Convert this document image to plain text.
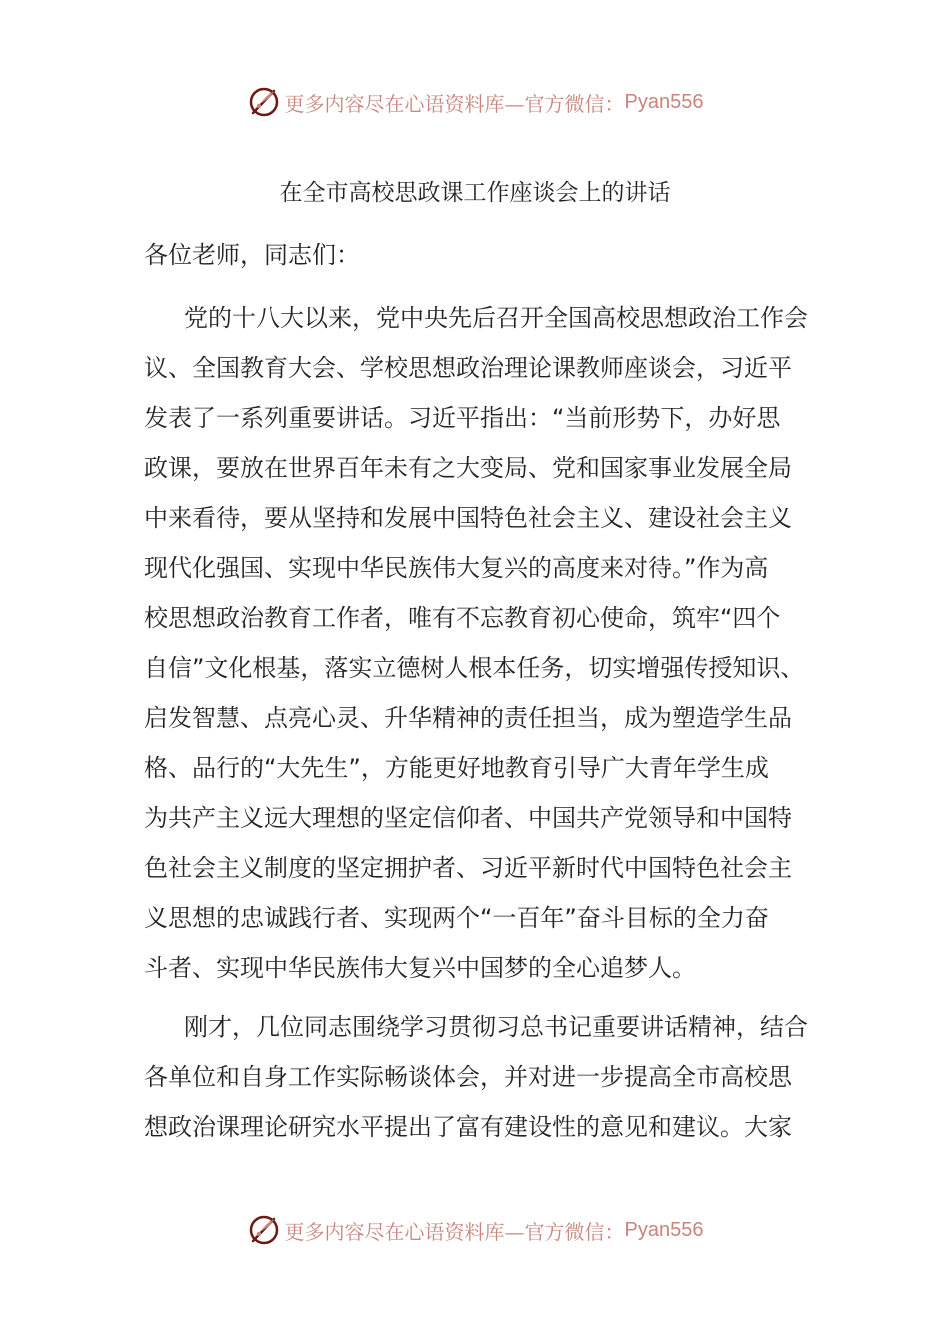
更多内容尽在心语资料库—官方微信： Pyan556
在全市高校思政课工作座谈会上的讲话
各位老师，同志们：
党的十八大以来，党中央先后召开全国高校思想政治工作会
议、全国教育大会、学校思想政治理论课教师座谈会，习近平
发表了一系列重要讲话。习近平指出：“当前形势下，办好思
政课，要放在世界百年未有之大变局、党和国家事业发展全局
中来看待，要从坚持和发展中国特色社会主义、建设社会主义
现代化强国、实现中华民族伟大复兴的高度来对待。”作为高
校思想政治教育工作者，唯有不忘教育初心使命，筑牢“四个
自信”文化根基，落实立德树人根本任务，切实增强传授知识、
启发智慧、点亮心灵、升华精神的责任担当，成为塑造学生品
格、品行的“大先生”，方能更好地教育引导广大青年学生成
为共产主义远大理想的坚定信仰者、中国共产党领导和中国特
色社会主义制度的坚定拥护者、习近平新时代中国特色社会主
义思想的忠诚践行者、实现两个“一百年”奋斗目标的全力奋
斗者、实现中华民族伟大复兴中国梦的全心追梦人。
刚才，几位同志围绕学习贯彻习总书记重要讲话精神，结合
各单位和自身工作实际畅谈体会，并对进一步提高全市高校思
想政治课理论研究水平提出了富有建设性的意见和建议。大家
更多内容尽在心语资料库—官方微信： Pyan556
